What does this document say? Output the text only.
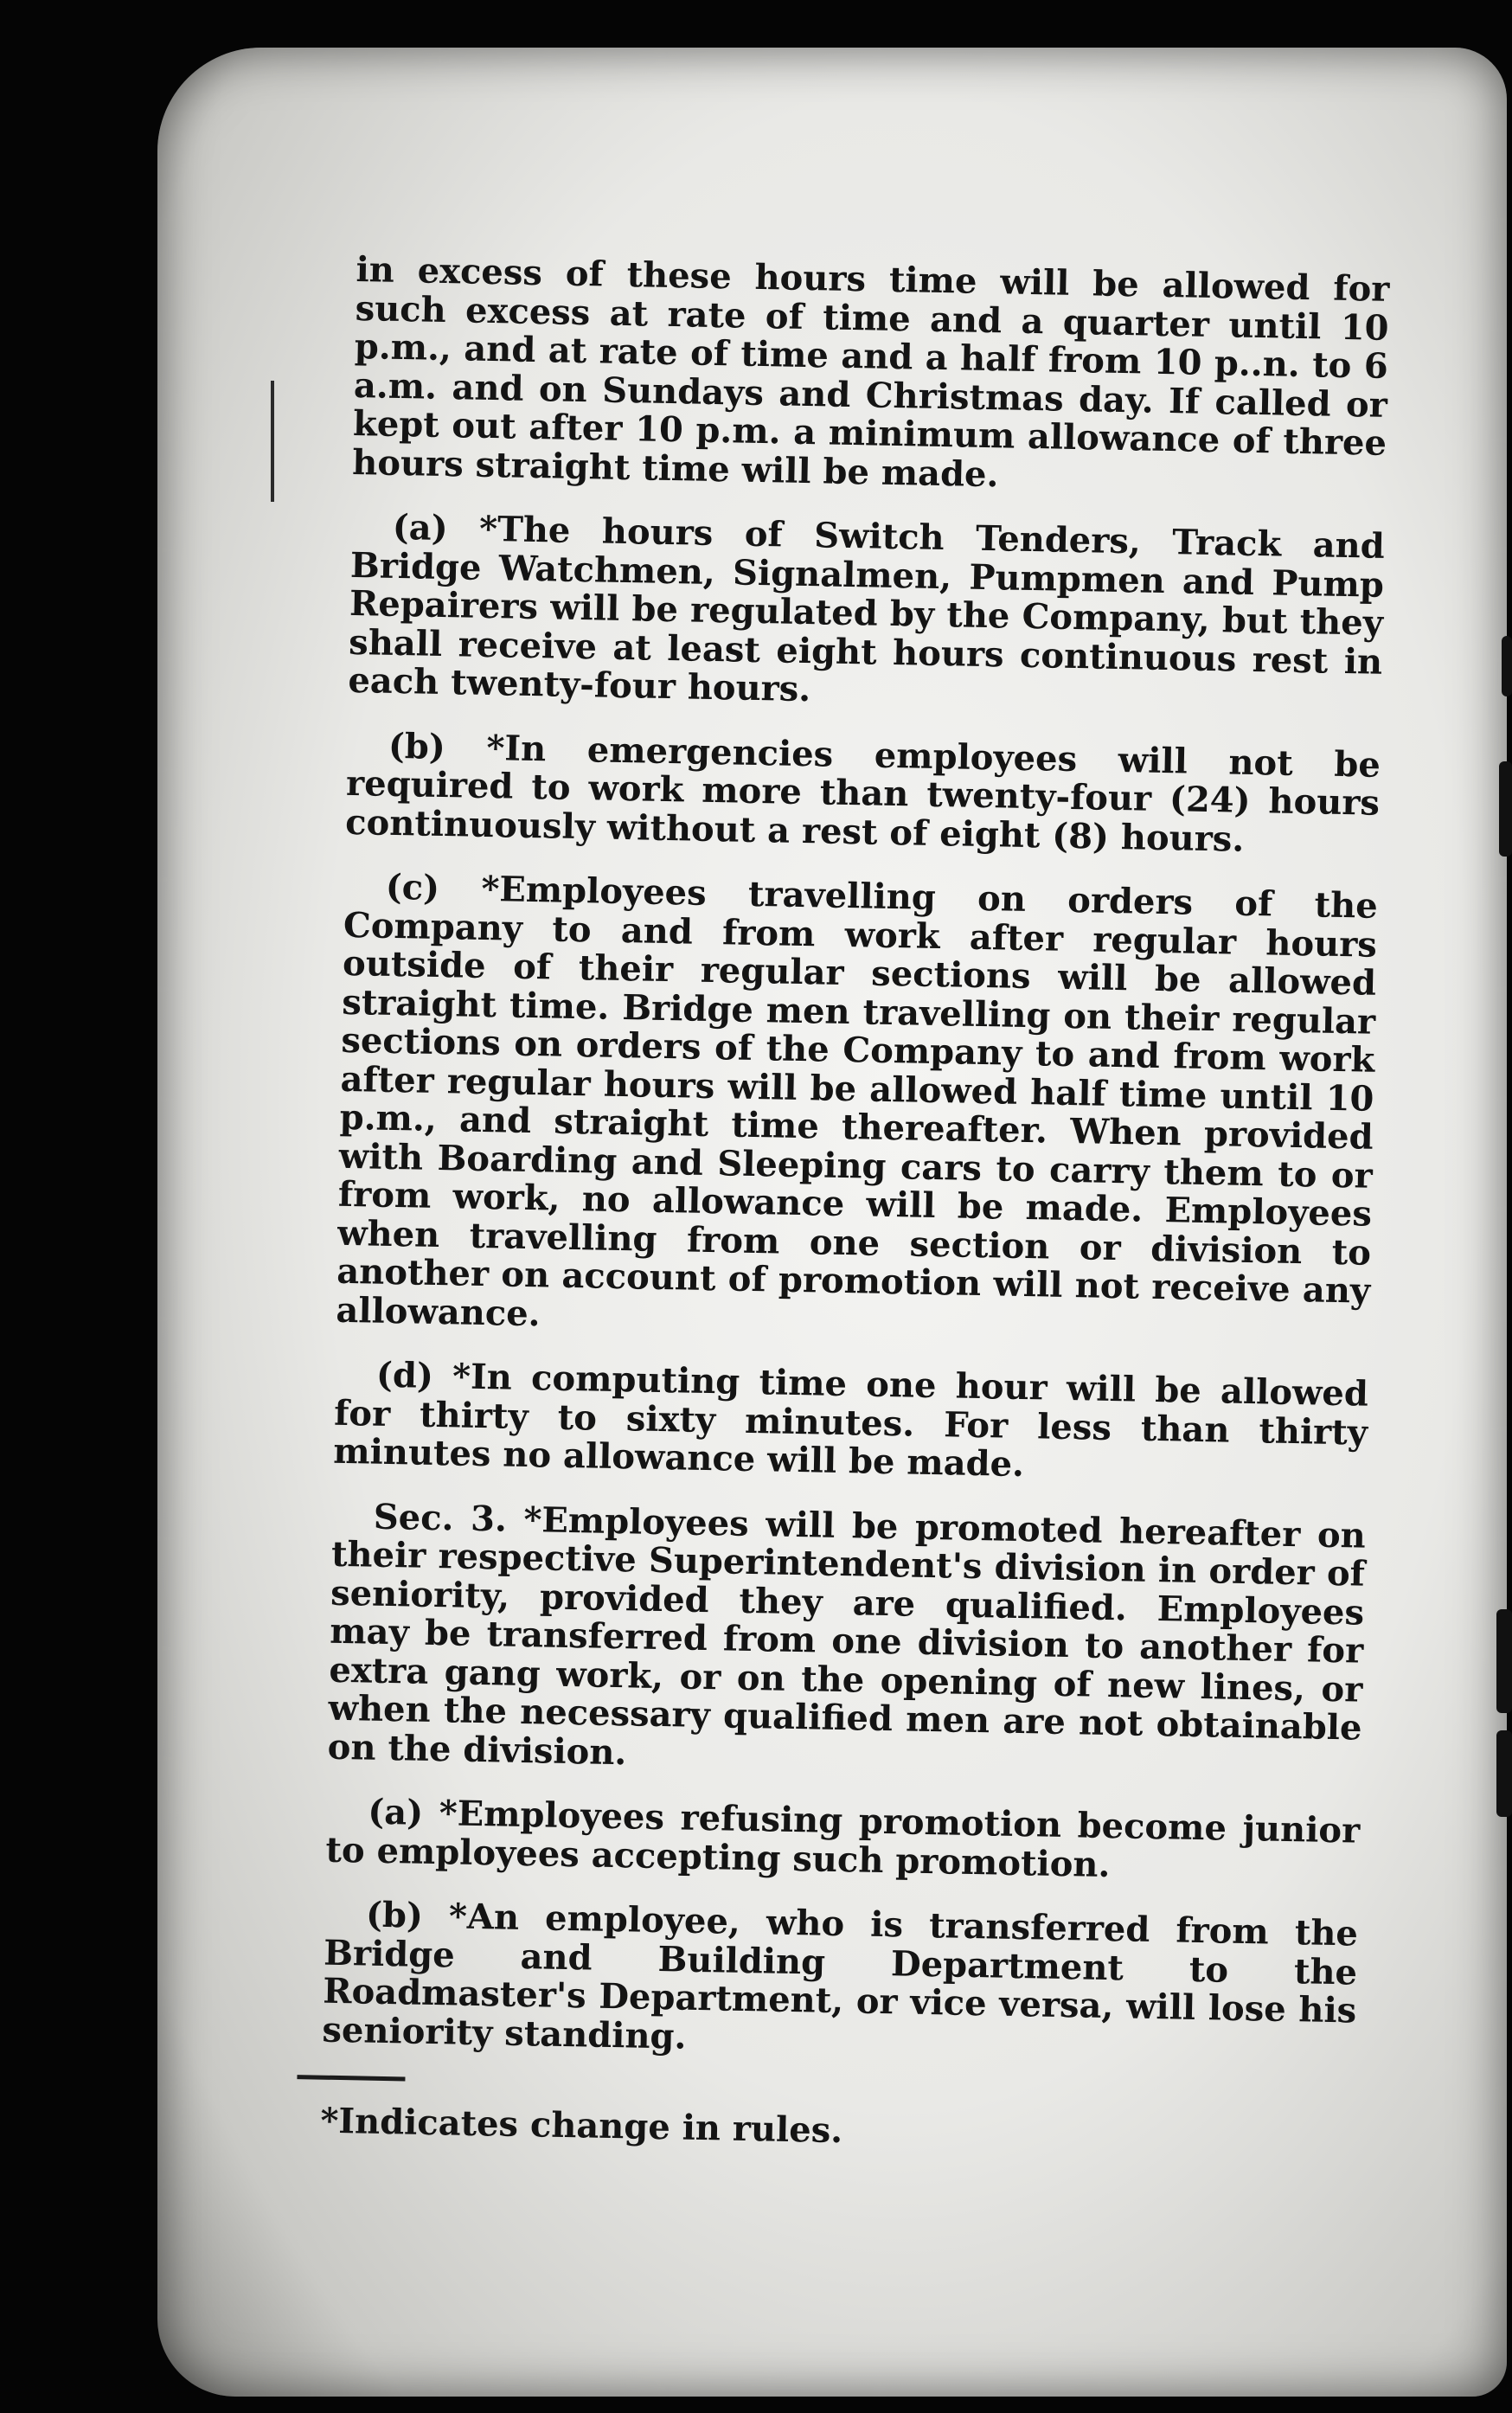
in excess of these hours time will be allowed for such excess at rate of time and a quarter until 10 p.m., and at rate of time and a half from 10 p..n. to 6 a.m. and on Sundays and Christmas day. If called or kept out after 10 p.m. a minimum allowance of three hours straight time will be made.

(a) *The hours of Switch Tenders, Track and Bridge Watchmen, Signalmen, Pumpmen and Pump Repairers will be regulated by the Company, but they shall receive at least eight hours continuous rest in each twenty-four hours.

(b) *In emergencies employees will not be required to work more than twenty-four (24) hours continuously without a rest of eight (8) hours.

(c) *Employees travelling on orders of the Company to and from work after regular hours outside of their regular sections will be allowed straight time. Bridge men travelling on their regular sections on orders of the Company to and from work after regular hours will be allowed half time until 10 p.m., and straight time thereafter. When provided with Boarding and Sleeping cars to carry them to or from work, no allowance will be made. Employees when travelling from one section or division to another on account of promotion will not receive any allowance.

(d) *In computing time one hour will be allowed for thirty to sixty minutes. For less than thirty minutes no allowance will be made.

Sec. 3. *Employees will be promoted hereafter on their respective Superintendent's division in order of seniority, provided they are qualified. Employees may be transferred from one division to another for extra gang work, or on the opening of new lines, or when the necessary qualified men are not obtainable on the division.

(a) *Employees refusing promotion become junior to employees accepting such promotion.

(b) *An employee, who is transferred from the Bridge and Building Department to the Roadmaster's Department, or vice versa, will lose his seniority standing.

*Indicates change in rules.
